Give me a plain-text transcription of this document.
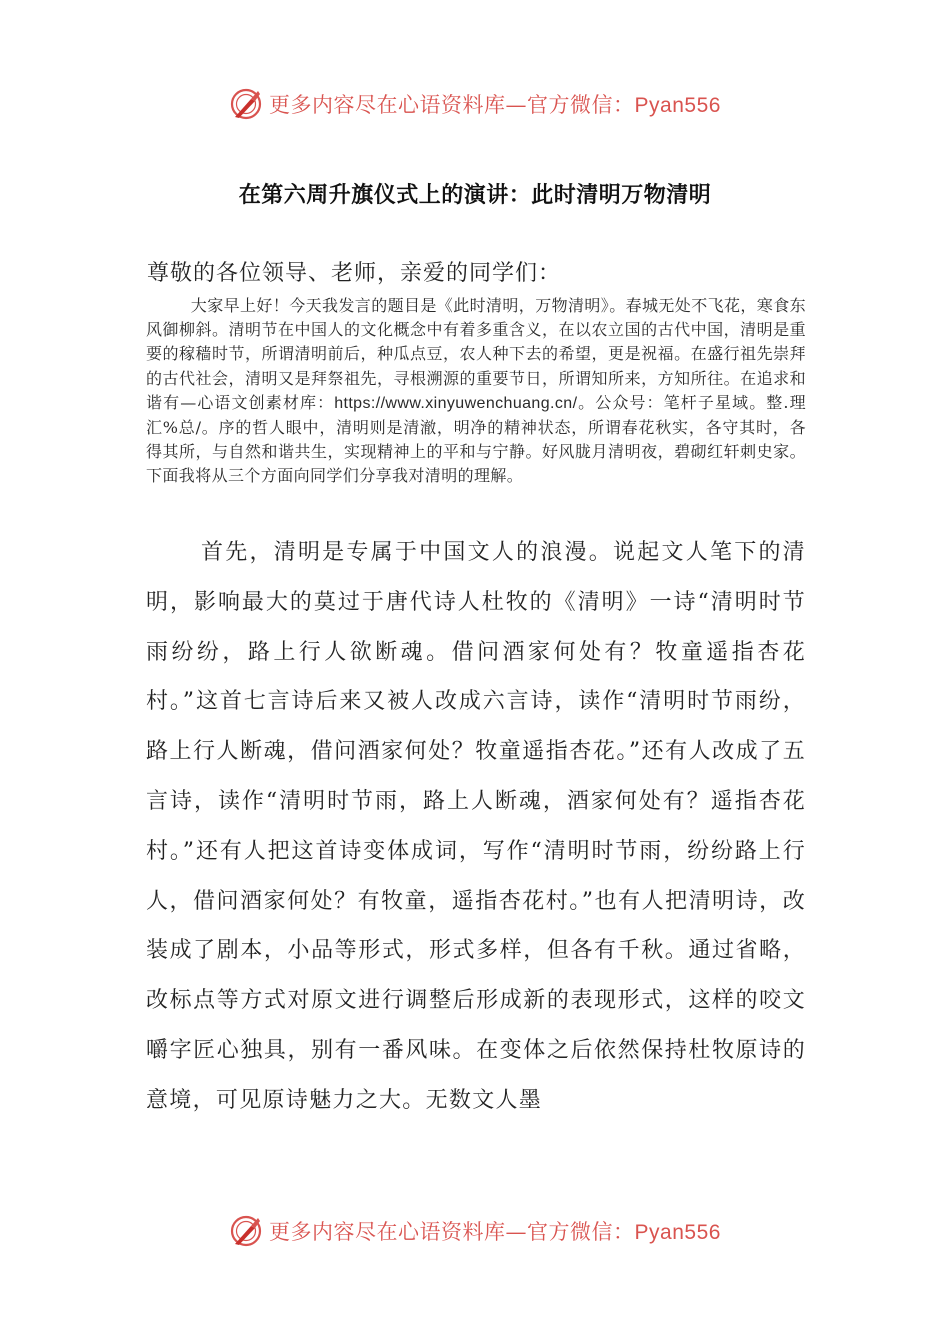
更多内容尽在心语资料库—官方微信：Pyan556
在第六周升旗仪式上的演讲：此时清明万物清明
尊敬的各位领导、老师，亲爱的同学们：
大家早上好！今天我发言的题目是《此时清明，万物清明》。春城无处不飞花，寒食东风御柳斜。清明节在中国人的文化概念中有着多重含义，在以农立国的古代中国，清明是重要的稼穑时节，所谓清明前后，种瓜点豆，农人种下去的希望，更是祝福。在盛行祖先崇拜的古代社会，清明又是拜祭祖先，寻根溯源的重要节日，所谓知所来，方知所往。在追求和谐有—心语文创素材库：https://www.xinyuwenchuang.cn/。公众号：笔杆子星域。整.理汇%总/。序的哲人眼中，清明则是清澈，明净的精神状态，所谓春花秋实，各守其时，各得其所，与自然和谐共生，实现精神上的平和与宁静。好风胧月清明夜，碧砌红轩刺史家。下面我将从三个方面向同学们分享我对清明的理解。
首先，清明是专属于中国文人的浪漫。说起文人笔下的清明，影响最大的莫过于唐代诗人杜牧的《清明》一诗“清明时节雨纷纷，路上行人欲断魂。借问酒家何处有？牧童遥指杏花村。”这首七言诗后来又被人改成六言诗，读作“清明时节雨纷，路上行人断魂，借问酒家何处？牧童遥指杏花。”还有人改成了五言诗，读作“清明时节雨，路上人断魂，酒家何处有？遥指杏花村。”还有人把这首诗变体成词，写作“清明时节雨，纷纷路上行人，借问酒家何处？有牧童，遥指杏花村。”也有人把清明诗，改装成了剧本，小品等形式，形式多样，但各有千秋。通过省略，改标点等方式对原文进行调整后形成新的表现形式，这样的咬文嚼字匠心独具，别有一番风味。在变体之后依然保持杜牧原诗的意境，可见原诗魅力之大。无数文人墨
更多内容尽在心语资料库—官方微信：Pyan556
